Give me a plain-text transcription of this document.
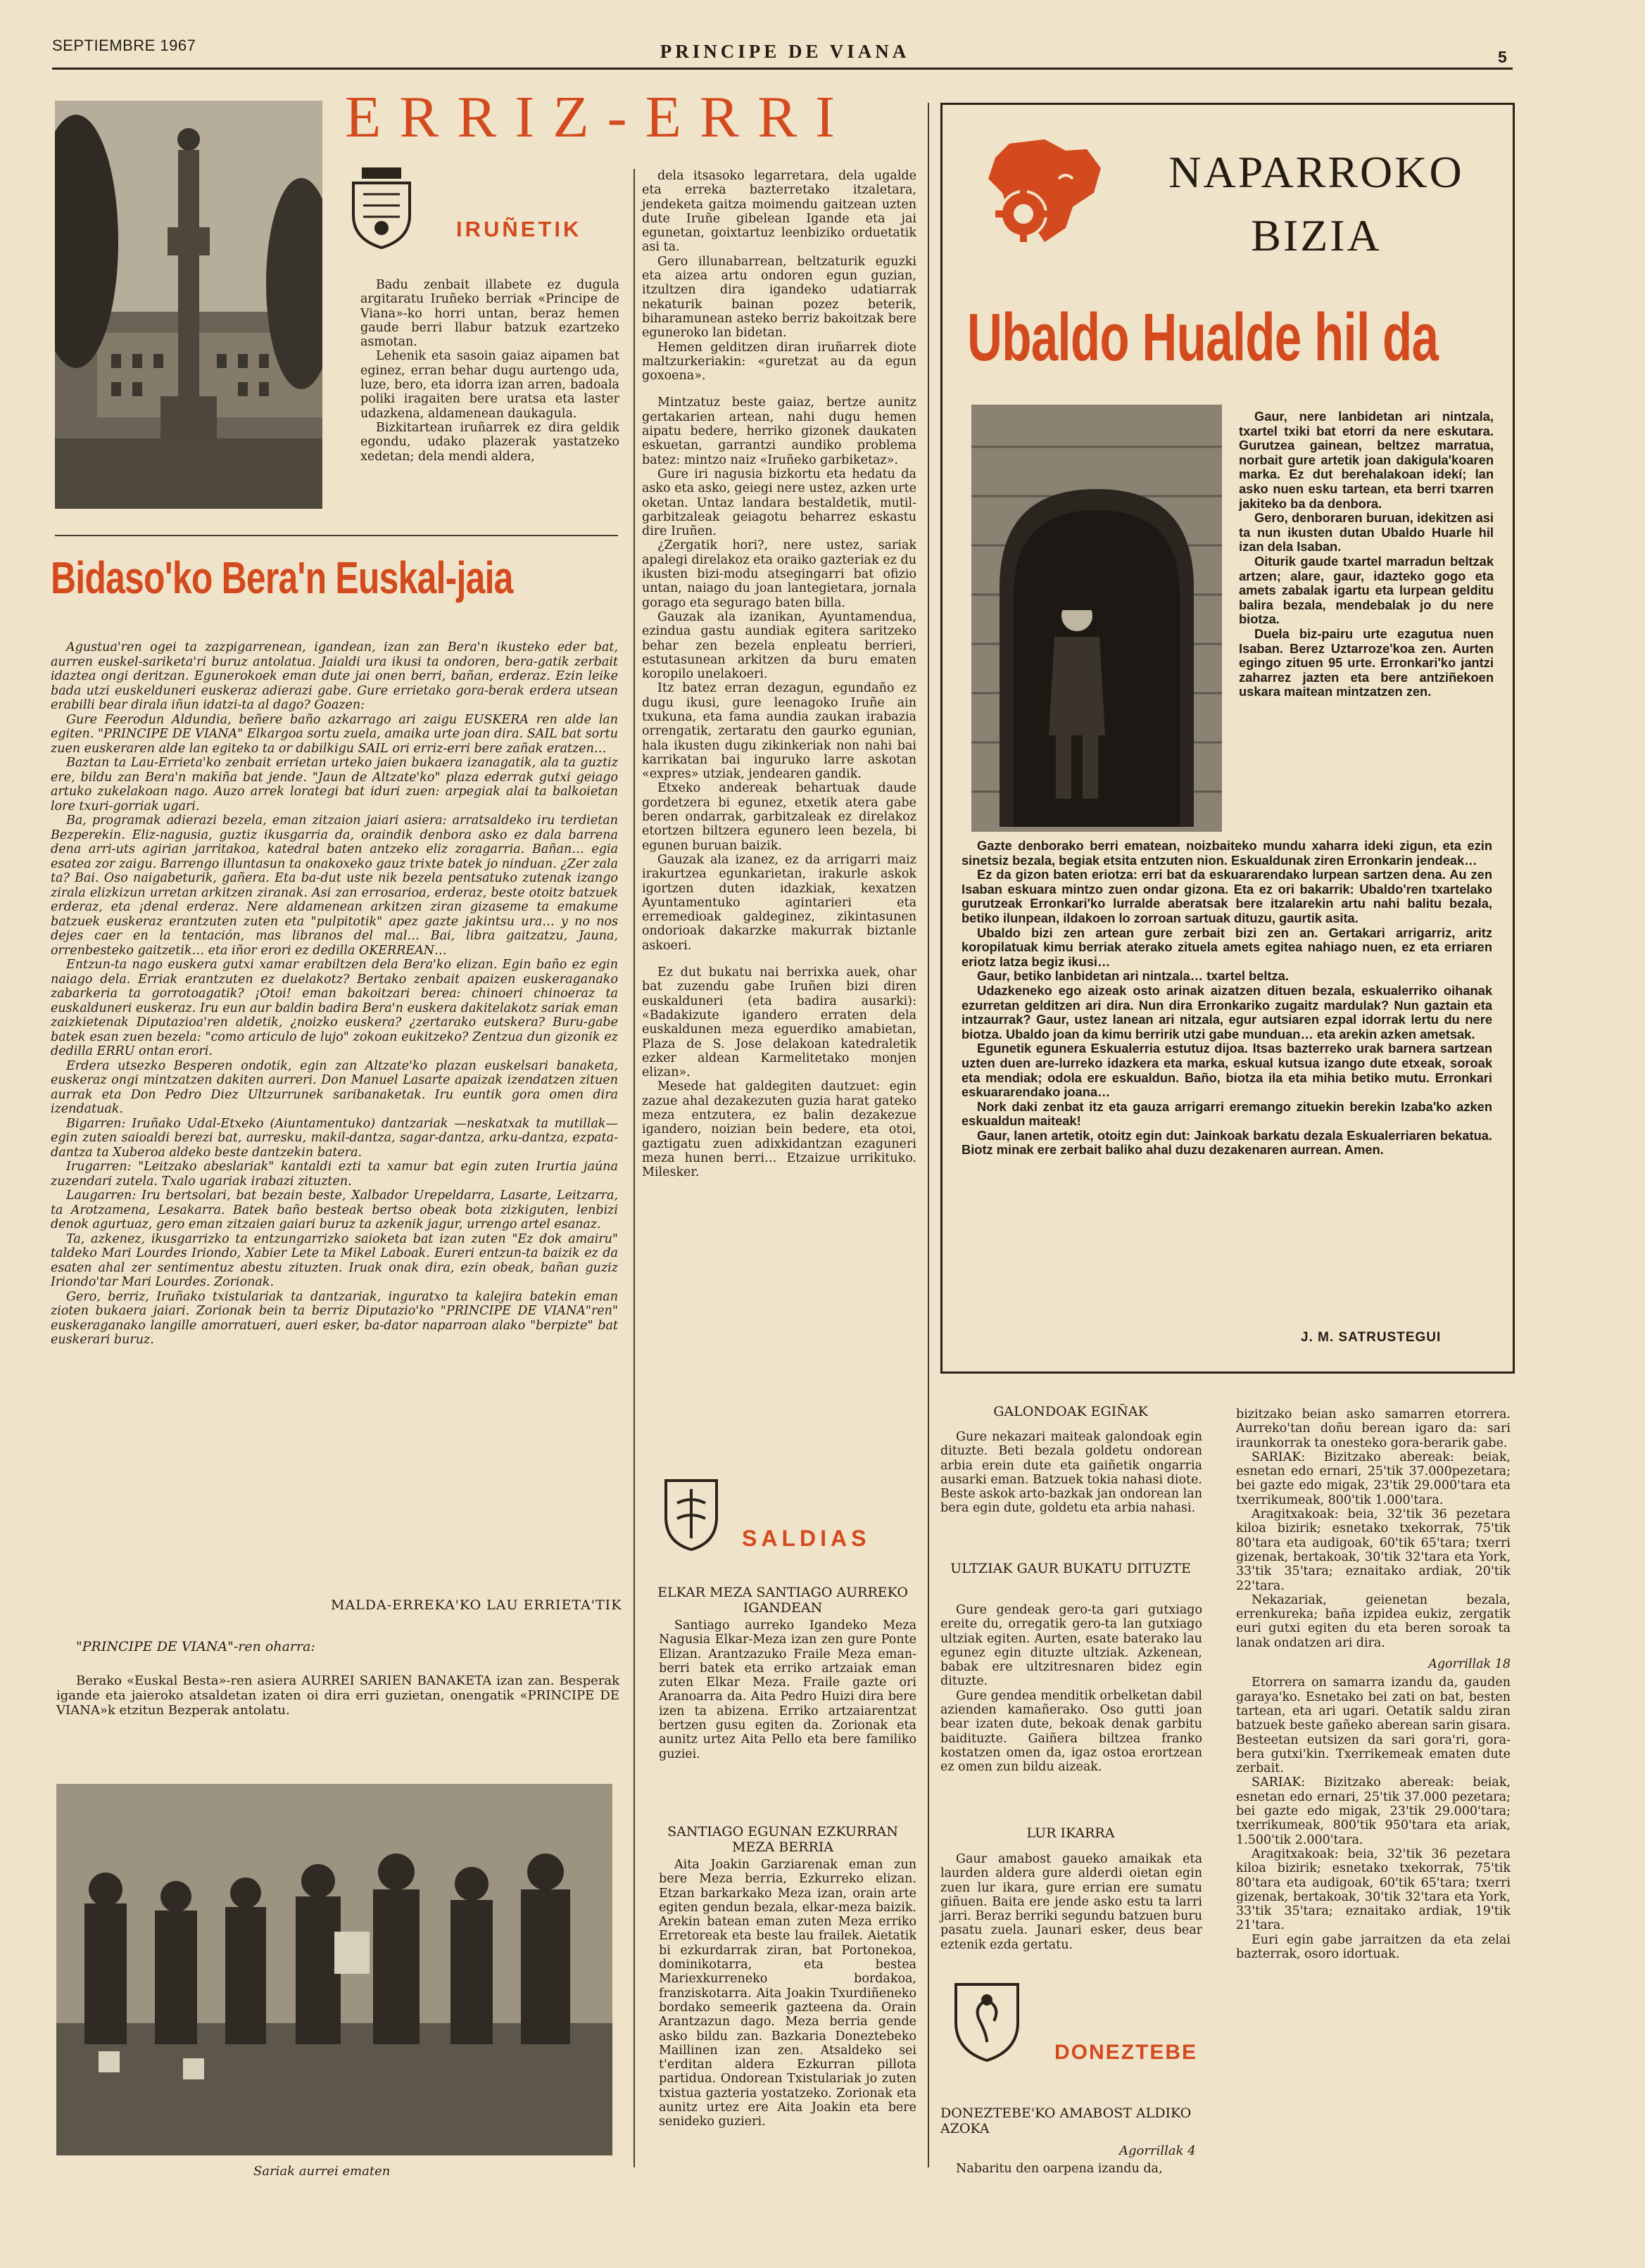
SEPTIEMBRE 1967	PRINCIPE DE VIANA	5
ERRIZ-ERRI
IRUÑETIK

Badu zenbait illabete ez dugula argitaratu Iruñeko berriak «Principe de Viana»-ko horri untan, beraz hemen gaude berri llabur batzuk ezartzeko asmotan.

Lehenik eta sasoin gaiaz aipamen bat eginez, erran behar dugu aurtengo uda, luze, bero, eta idorra izan arren, badoala poliki iragaiten bere uratsa eta laster udazkena, aldamenean daukagula.

Bizkitartean iruñarrek ez dira geldik egondu, udako plazerak yastatzeko xedetan; dela mendi aldera,

dela itsasoko legarretara, dela ugalde eta erreka bazterretako itzaletara, jendeketa gaitza moimendu gaitzean uzten dute Iruñe gibelean Igande eta jai egunetan, goixtartuz leenbiziko orduetatik asi ta.

Gero illunabarrean, beltzaturik eguzki eta aizea artu ondoren egun guzian, itzultzen dira igandeko udatiarrak nekaturik bainan pozez beterik, biharamunean asteko berriz bakoitzak bere eguneroko lan bidetan.

Hemen gelditzen diran iruñarrek diote maltzurkeriakin: «guretzat au da egun goxoena».

Mintzatuz beste gaiaz, bertze aunitz gertakarien artean, nahi dugu hemen aipatu bedere, herriko gizonek daukaten eskuetan, garrantzi aundiko problema batez: mintzo naiz «Iruñeko garbiketaz».

Gure iri nagusia bizkortu eta hedatu da asko eta asko, geiegi nere ustez, azken urte oketan. Untaz landara bestaldetik, mutil-garbitzaleak geiagotu beharrez eskastu dire Iruñen.

¿Zergatik hori?, nere ustez, sariak apalegi direlakoz eta oraiko gazteriak ez du ikusten bizi-modu atsegingarri bat ofizio untan, naiago du joan lantegietara, jornala gorago eta segurago baten billa.

Gauzak ala izanikan, Ayuntamendua, ezindua gastu aundiak egitera saritzeko behar zen bezela enpleatu berrieri, estutasunean arkitzen da buru ematen koropilo unelakoeri.

Itz batez erran dezagun, egundaño ez dugu ikusi, gure leenagoko Iruñe ain txukuna, eta fama aundia zaukan irabazia orrengatik, zertaratu den gaurko egunian, hala ikusten dugu zikinkeriak non nahi bai karrikatan bai inguruko larre askotan «expres» utziak, jendearen gandik.

Etxeko andereak behartuak daude gordetzera bi egunez, etxetik atera gabe beren ondarrak, garbitzaleak ez direlakoz etortzen biltzera egunero leen bezela, bi egunen buruan baizik.

Gauzak ala izanez, ez da arrigarri maiz irakurtzea egunkarietan, irakurle askok igortzen duten idazkiak, kexatzen Ayuntamentuko agintarieri eta erremedioak galdeginez, zikintasunen ondorioak dakarzke makurrak biztanle askoeri.

Ez dut bukatu nai berrixka auek, ohar bat zuzendu gabe Iruñen bizi diren euskalduneri (eta badira ausarki): «Badakizute igandero erraten dela euskaldunen meza eguerdiko amabietan, Plaza de S. Jose delakoan katedraletik ezker aldean Karmelitetako monjen elizan».

Mesede hat galdegiten dautzuet: egin zazue ahal dezakezuten guzia harat gateko meza entzutera, ez balin dezakezue igandero, noizian bein bedere, eta otoi, gaztigatu zuen adixkidantzan ezaguneri meza hunen berri… Etzaizue urrikituko. Milesker.

Bidaso'ko Bera'n Euskal-jaia

Agustua'ren ogei ta zazpigarrenean, igandean, izan zan Bera'n ikusteko eder bat, aurren euskel-sariketa'ri buruz antolatua. Jaialdi ura ikusi ta ondoren, bera-gatik zerbait idaztea ongi deritzan. Egunerokoek eman dute jai onen berri, bañan, erderaz. Ezin leike bada utzi euskelduneri euskeraz adierazi gabe. Gure errietako gora-berak erdera utsean erabilli bear dirala iñun idatzi-ta al dago? Goazen:

Gure Feerodun Aldundia, beñere baño azkarrago ari zaigu EUSKERA ren alde lan egiten. "PRINCIPE DE VIANA" Elkargoa sortu zuela, amaika urte joan dira. SAIL bat sortu zuen euskeraren alde lan egiteko ta or dabilkigu SAIL ori erriz-erri bere zañak eratzen…

Baztan ta Lau-Errieta'ko zenbait errietan urteko jaien bukaera izanagatik, ala ta guztiz ere, bildu zan Bera'n makiña bat jende. "Jaun de Altzate'ko" plaza ederrak gutxi geiago artuko zukelakoan nago. Auzo arrek lorategi bat iduri zuen: arpegiak alai ta balkoietan lore txuri-gorriak ugari.

Ba, programak adierazi bezela, eman zitzaion jaiari asiera: arratsaldeko iru terdietan Bezperekin. Eliz-nagusia, guztiz ikusgarria da, oraindik denbora asko ez dala barrena dena arri-uts agirian jarritakoa, katedral baten antzeko eliz zoragarria. Bañan… egia esatea zor zaigu. Barrengo illuntasun ta onakoxeko gauz trixte batek jo ninduan. ¿Zer zala ta? Bai. Oso naigabeturik, gañera. Eta ba-dut uste nik bezela pentsatuko zutenak izango zirala elizkizun urretan arkitzen ziranak. Asi zan errosarioa, erderaz, beste otoitz batzuek erderaz, eta ¡denal erderaz. Nere aldamenean arkitzen ziran gizaseme ta emakume batzuek euskeraz erantzuten zuten eta "pulpitotik" apez gazte jakintsu ura… y no nos dejes caer en la tentación, mas libranos del mal… Bai, libra gaitzatzu, Jauna, orrenbesteko gaitzetik… eta iñor erori ez dedilla OKERREAN…

Entzun-ta nago euskera gutxi xamar erabiltzen dela Bera'ko elizan. Egin baño ez egin naiago dela. Erriak erantzuten ez duelakotz? Bertako zenbait apaizen euskeraganako zabarkeria ta gorrotoagatik? ¡Otoi! eman bakoitzari berea: chinoeri chinoeraz ta euskalduneri euskeraz. Iru eun aur baldin badira Bera'n euskera dakitelakotz sariak eman zaizkietenak Diputazioa'ren aldetik, ¿noizko euskera? ¿zertarako eutskera? Buru-gabe batek esan zuen bezela: "como articulo de lujo" zokoan eukitzeko? Zentzua dun gizonik ez dedilla ERRU ontan erori.

Erdera utsezko Besperen ondotik, egin zan Altzate'ko plazan euskelsari banaketa, euskeraz ongi mintzatzen dakiten aurreri. Don Manuel Lasarte apaizak izendatzen zituen aurrak eta Don Pedro Diez Ultzurrunek saribanaketak. Iru euntik gora omen dira izendatuak.

Bigarren: Iruñako Udal-Etxeko (Aiuntamentuko) dantzariak —neskatxak ta mutillak— egin zuten saioaldi berezi bat, aurresku, makil-dantza, sagar-dantza, arku-dantza, ezpata-dantza ta Xuberoa aldeko beste dantzekin batera.

Irugarren: "Leitzako abeslariak" kantaldi ezti ta xamur bat egin zuten Irurtia jaúna zuzendari zutela. Txalo ugariak irabazi zituzten.

Laugarren: Iru bertsolari, bat bezain beste, Xalbador Urepeldarra, Lasarte, Leitzarra, ta Arotzamena, Lesakarra. Batek baño besteak bertso obeak bota zizkiguten, lenbizi denok agurtuaz, gero eman zitzaien gaiari buruz ta azkenik jagur, urrengo artel esanaz.

Ta, azkenez, ikusgarrizko ta entzungarrizko saioketa bat izan zuten "Ez dok amairu" taldeko Mari Lourdes Iriondo, Xabier Lete ta Mikel Laboak. Eureri entzun-ta baizik ez da esaten ahal zer sentimentuz abestu zituzten. Iruak onak dira, ezin obeak, bañan guziz Iriondo'tar Mari Lourdes. Zorionak.

Gero, berriz, Iruñako txistulariak ta dantzariak, inguratxo ta kalejira batekin eman zioten bukaera jaiari. Zorionak bein ta berriz Diputazio'ko "PRINCIPE DE VIANA"ren" euskeraganako langille amorratueri, aueri esker, ba-dator naparroan alako "berpizte" bat euskerari buruz.

MALDA-ERREKA'KO LAU ERRIETA'TIK
"PRINCIPE DE VIANA"-ren oharra:
Berako «Euskal Besta»-ren asiera AURREI SARIEN BANAKETA izan zan. Besperak igande eta jaieroko atsaldetan izaten oi dira erri guzietan, onengatik «PRINCIPE DE VIANA»k etzitun Bezperak antolatu.
Sariak aurrei ematen
NAPARROKO
BIZIA
Ubaldo Hualde hil da

Gaur, nere lanbidetan ari nintzala, txartel txiki bat etorri da nere eskutara. Gurutzea gainean, beltzez marratua, norbait gure artetik joan dakigula'koaren marka. Ez dut berehalakoan idekí; lan asko nuen esku tartean, eta berri txarren jakiteko ba da denbora.

Gero, denboraren buruan, idekitzen asi ta nun ikusten dutan Ubaldo Huarle hil izan dela Isaban.

Oiturik gaude txartel marradun beltzak artzen; alare, gaur, idazteko gogo eta amets zabalak igartu eta lurpean gelditu balira bezala, mendebalak jo du nere biotza.

Duela biz-pairu urte ezagutua nuen Isaban. Berez Uztarroze'koa zen. Aurten egingo zituen 95 urte. Erronkari'ko jantzi zaharrez jazten eta bere antziñekoen uskara maitean mintzatzen zen.

Gazte denborako berri ematean, noizbaiteko mundu xaharra ideki zigun, eta ezin sinetsiz bezala, begiak etsita entzuten nion. Eskualdunak ziren Erronkarin jendeak…

Ez da gizon baten eriotza: erri bat da eskuararendako lurpean sartzen dena. Au zen Isaban eskuara mintzo zuen ondar gizona. Eta ez ori bakarrik: Ubaldo'ren txartelako gurutzeak Erronkari'ko lurralde aberatsak bere itzalarekin artu nahi balitu bezala, betiko ilunpean, ildakoen lo zorroan sartuak dituzu, gaurtik asita.

Ubaldo bizi zen artean gure zerbait bizi zen an. Gertakari arrigarriz, aritz koropilatuak kimu berriak aterako zituela amets egitea nahiago nuen, ez eta erriaren eriotz latza begiz ikusi…

Gaur, betiko lanbidetan ari nintzala… txartel beltza.

Udazkeneko ego aizeak osto arinak aizatzen dituen bezala, eskualerriko oihanak ezurretan gelditzen ari dira. Nun dira Erronkariko zugaitz mardulak? Nun gaztain eta intzaurrak? Gaur, ustez lanean ari nitzala, egur autsiaren ezpal idorrak lertu du nere biotza. Ubaldo joan da kimu berririk utzi gabe munduan… eta arekin azken ametsak.

Egunetik egunera Eskualerria estutuz dijoa. Itsas bazterreko urak barnera sartzean uzten duen are-lurreko idazkera eta marka, eskual kutsua izango dute etxeak, soroak eta mendiak; odola ere eskualdun. Baño, biotza ila eta mihia betiko mutu. Erronkari eskuararendako joana…

Nork daki zenbat itz eta gauza arrigarri eremango zituekin berekin Izaba'ko azken eskualdun maiteak!

Gaur, lanen artetik, otoitz egin dut: Jainkoak barkatu dezala Eskualerriaren bekatua. Biotz minak ere zerbait baliko ahal duzu dezakenaren aurrean. Amen.

J. M. SATRUSTEGUI
SALDIAS
ELKAR MEZA SANTIAGO AURREKO IGANDEAN
Santiago aurreko Igandeko Meza Nagusia Elkar-Meza izan zen gure Ponte Elizan. Arantzazuko Fraile Meza eman-berri batek eta erriko artzaiak eman zuten Elkar Meza. Fraile gazte ori Aranoarra da. Aita Pedro Huizi dira bere izen ta abizena. Erriko artzaiarentzat bertzen gusu egiten da. Zorionak eta aunitz urtez Aita Pello eta bere familiko guziei.
SANTIAGO EGUNAN EZKURRAN MEZA BERRIA
Aita Joakin Garziarenak eman zun bere Meza berria, Ezkurreko elizan. Etzan barkarkako Meza izan, orain arte egiten gendun bezala, elkar-meza baizik. Arekin batean eman zuten Meza erriko Erretoreak eta beste lau frailek. Aietatik bi ezkurdarrak ziran, bat Portonekoa, dominikotarra, eta bestea Mariexkurreneko bordakoa, franziskotarra. Aita Joakin Txurdiñeneko bordako semeerik gazteena da. Orain Arantzazun dago. Meza berria gende asko bildu zan. Bazkaria Doneztebeko Maillinen izan zen. Atsaldeko sei t'erditan aldera Ezkurran pillota partidua. Ondorean Txistulariak jo zuten txistua gazteria yostatzeko. Zorionak eta aunitz urtez ere Aita Joakin eta bere senideko guzieri.
GALONDOAK EGIÑAK
Gure nekazari maiteak galondoak egin dituzte. Beti bezala goldetu ondorean arbia erein dute eta gaiñetik ongarria ausarki eman. Batzuek tokia nahasi diote. Beste askok arto-bazkak jan ondorean lan bera egin dute, goldetu eta arbia nahasi.
ULTZIAK GAUR BUKATU DITUZTE

Gure gendeak gero-ta gari gutxiago ereite du, orregatik gero-ta lan gutxiago ultziak egiten. Aurten, esate baterako lau egunez egin dituzte ultziak. Azkenean, babak ere ultzitresnaren bidez egin dituzte.

Gure gendea menditik orbelketan dabil azienden kamañerako. Oso gutti joan bear izaten dute, bekoak denak garbitu baidituzte. Gaiñera biltzea franko kostatzen omen da, igaz ostoa erortzean ez omen zun bildu aizeak.

LUR IKARRA
Gaur amabost gaueko amaikak eta laurden aldera gure alderdi oietan egin zuen lur ikara, gure errian ere sumatu giñuen. Baita ere jende asko estu ta larri jarri. Beraz berriki segundu batzuen buru pasatu zuela. Jaunari esker, deus bear eztenik ezda gertatu.
DONEZTEBE
DONEZTEBE'KO AMABOST ALDIKO AZOKA
Agorrillak 4
Nabaritu den oarpena izandu da,

bizitzako beian asko samarren etorrera. Aurreko'tan doñu berean igaro da: sari iraunkorrak ta onesteko gora-berarik gabe.

SARIAK: Bizitzako abereak: beiak, esnetan edo ernari, 25'tik 37.000pezetara; bei gazte edo migak, 23'tik 29.000'tara eta txerrikumeak, 800'tik 1.000'tara.

Aragitxakoak: beia, 32'tik 36 pezetara kiloa bizirik; esnetako txekorrak, 75'tik 80'tara eta audigoak, 60'tik 65'tara; txerri gizenak, bertakoak, 30'tik 32'tara eta York, 33'tik 35'tara; eznaitako ardiak, 20'tik 22'tara.

Nekazariak, geienetan bezala, errenkureka; baña izpidea eukiz, zergatik euri gutxi egiten du eta beren soroak ta lanak ondatzen ari dira.

Agorrillak 18

Etorrera on samarra izandu da, gauden garaya'ko. Esnetako bei zati on bat, besten tartean, eta ari ugari. Oetatik saldu ziran batzuek beste gañeko aberean sarin gisara. Besteetan eutsizen da sari gora'ri, gora-bera gutxi'kin. Txerrikemeak ematen dute zerbait.

SARIAK: Bizitzako abereak: beiak, esnetan edo ernari, 25'tik 37.000 pezetara; bei gazte edo migak, 23'tik 29.000'tara; txerrikumeak, 800'tik 950'tara eta ariak, 1.500'tik 2.000'tara.

Aragitxakoak: beia, 32'tik 36 pezetara kiloa bizirik; esnetako txekorrak, 75'tik 80'tara eta audigoak, 60'tik 65'tara; txerri gizenak, bertakoak, 30'tik 32'tara eta York, 33'tik 35'tara; eznaitako ardiak, 19'tik 21'tara.

Euri egin gabe jarraitzen da eta zelai bazterrak, osoro idortuak.
